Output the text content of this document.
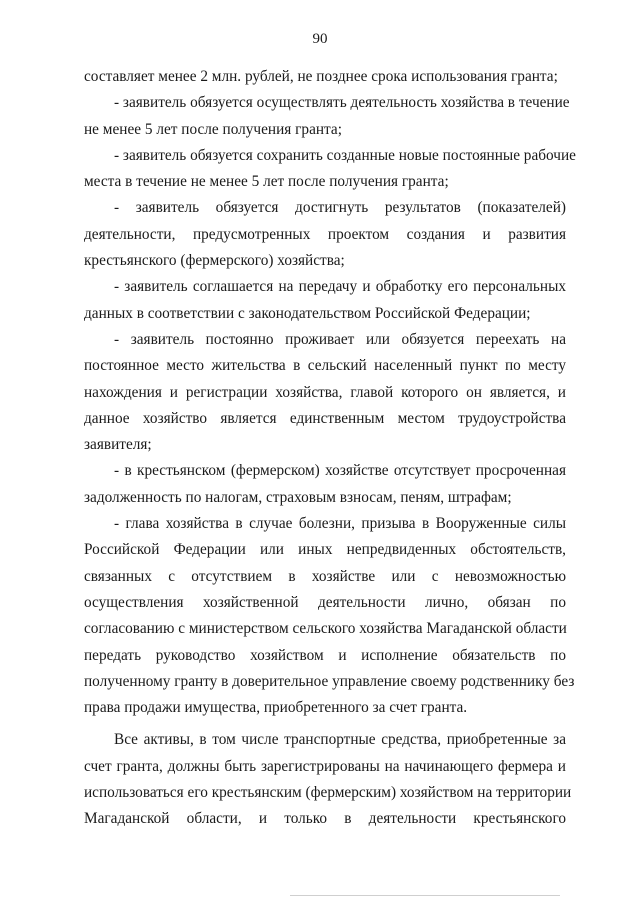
90
составляет менее 2 млн. рублей, не позднее срока использования гранта;
- заявитель обязуется осуществлять деятельность хозяйства в течение
не менее 5 лет после получения гранта;
- заявитель обязуется сохранить созданные новые постоянные рабочие
места в течение не менее 5 лет после получения гранта;
- заявитель обязуется достигнуть результатов (показателей)
деятельности, предусмотренных проектом создания и развития
крестьянского (фермерского) хозяйства;
- заявитель соглашается на передачу и обработку его персональных
данных в соответствии с законодательством Российской Федерации;
- заявитель постоянно проживает или обязуется переехать на
постоянное место жительства в сельский населенный пункт по месту
нахождения и регистрации хозяйства, главой которого он является, и
данное хозяйство является единственным местом трудоустройства
заявителя;
- в крестьянском (фермерском) хозяйстве отсутствует просроченная
задолженность по налогам, страховым взносам, пеням, штрафам;
- глава хозяйства в случае болезни, призыва в Вооруженные силы
Российской Федерации или иных непредвиденных обстоятельств,
связанных с отсутствием в хозяйстве или с невозможностью
осуществления хозяйственной деятельности лично, обязан по
согласованию с министерством сельского хозяйства Магаданской области
передать руководство хозяйством и исполнение обязательств по
полученному гранту в доверительное управление своему родственнику без
права продажи имущества, приобретенного за счет гранта.
Все активы, в том числе транспортные средства, приобретенные за
счет гранта, должны быть зарегистрированы на начинающего фермера и
использоваться его крестьянским (фермерским) хозяйством на территории
Магаданской области, и только в деятельности крестьянского
